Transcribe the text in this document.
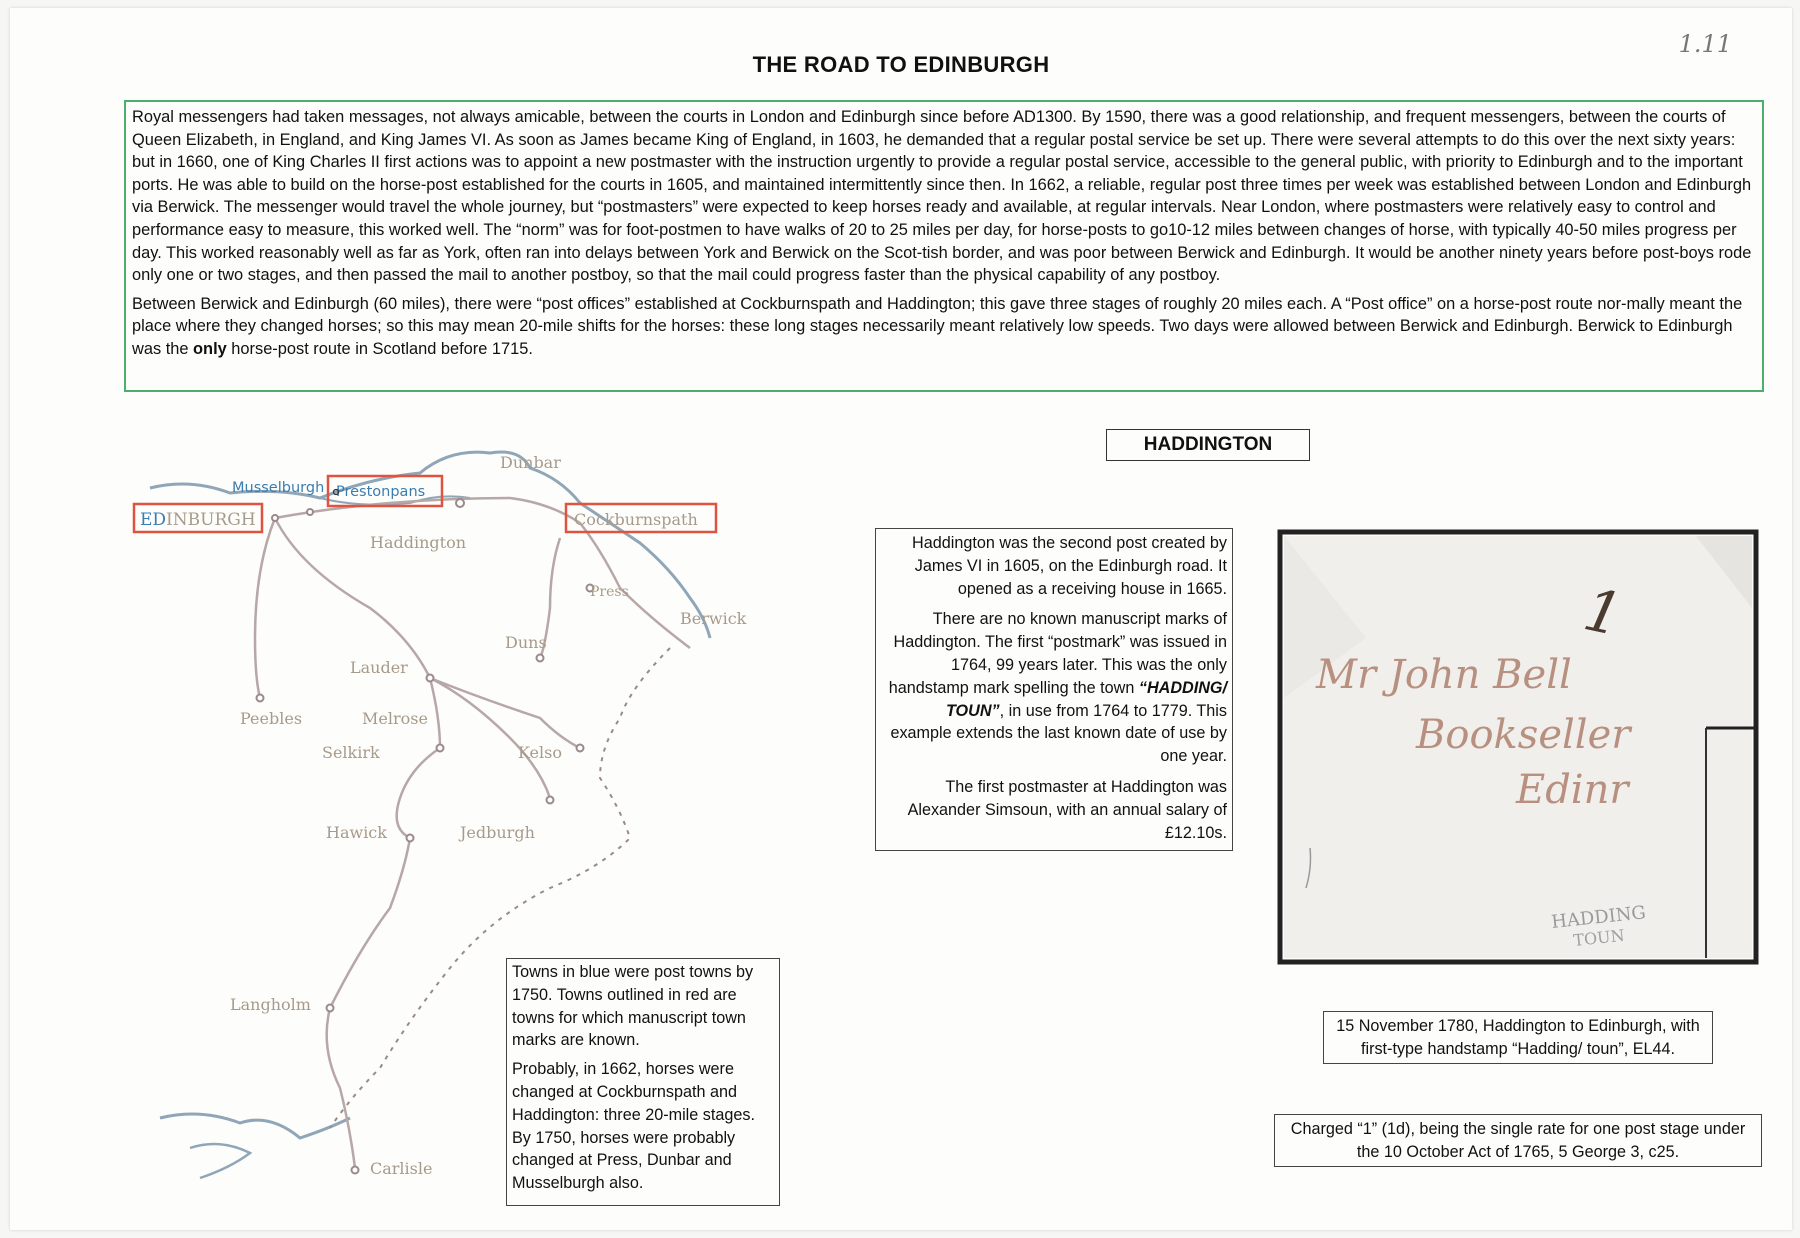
1.11
THE ROAD TO EDINBURGH

Royal messengers had taken messages, not always amicable, between the courts in London and Edinburgh since before AD1300. By 1590, there was a good relationship, and frequent messengers, between the courts of Queen Elizabeth, in England, and King James VI. As soon as James became King of England, in 1603, he demanded that a regular postal service be set up. There were several attempts to do this over the next sixty years: but in 1660, one of King Charles II first actions was to appoint a new postmaster with the instruction urgently to provide a regular postal service, accessible to the general public, with priority to Edinburgh and to the important ports. He was able to build on the horse-post established for the courts in 1605, and maintained intermittently since then. In 1662, a reliable, regular post three times per week was established between London and Edinburgh via Berwick. The messenger would travel the whole journey, but “postmasters” were expected to keep horses ready and available, at regular intervals. Near London, where postmasters were relatively easy to control and performance easy to measure, this worked well. The “norm” was for foot-postmen to have walks of 20 to 25 miles per day, for horse-posts to go10-12 miles between changes of horse, with typically 40-50 miles progress per day. This worked reasonably well as far as York, often ran into delays between York and Berwick on the Scot-tish border, and was poor between Berwick and Edinburgh. It would be another ninety years before post-boys rode only one or two stages, and then passed the mail to another postboy, so that the mail could progress faster than the physical capability of any postboy.

Between Berwick and Edinburgh (60 miles), there were “post offices” established at Cockburnspath and Haddington; this gave three stages of roughly 20 miles each. A “Post office” on a horse-post route nor-mally meant the place where they changed horses; so this may mean 20-mile shifts for the horses: these long stages necessarily meant relatively low speeds. Two days were allowed between Berwick and Edinburgh. Berwick to Edinburgh was the only horse-post route in Scotland before 1715.

HADDINGTON

Haddington was the second post created by James VI in 1605, on the Edinburgh road. It opened as a receiving house in 1665.

There are no known manuscript marks of Haddington. The first “postmark” was issued in 1764, 99 years later. This was the only handstamp mark spelling the town “HADDING/ TOUN”, in use from 1764 to 1779. This example extends the last known date of use by one year.

The first postmaster at Haddington was Alexander Simsoun, with an annual salary of £12.10s.

1
Mr John Bell
Bookseller
Edinr
HADDING
TOUN
15 November 1780, Haddington to Edinburgh, with first-type handstamp “Hadding/ toun”, EL44.
Charged “1” (1d), being the single rate for one post stage under the 10 October Act of 1765, 5 George 3, c25.

Towns in blue were post towns by 1750. Towns outlined in red are towns for which manuscript town marks are known.

Probably, in 1662, horses were changed at Cockburnspath and Haddington: three 20-mile stages. By 1750, horses were probably changed at Press, Dunbar and Musselburgh also.

Dunbar
Haddington
Press
Berwick
Duns
Lauder
Peebles	Melrose
Selkirk	Kelso
Hawick	Jedburgh
Langholm
Carlisle
Musselburgh Prestonpans
EDINBURGH	Cockburnspath
